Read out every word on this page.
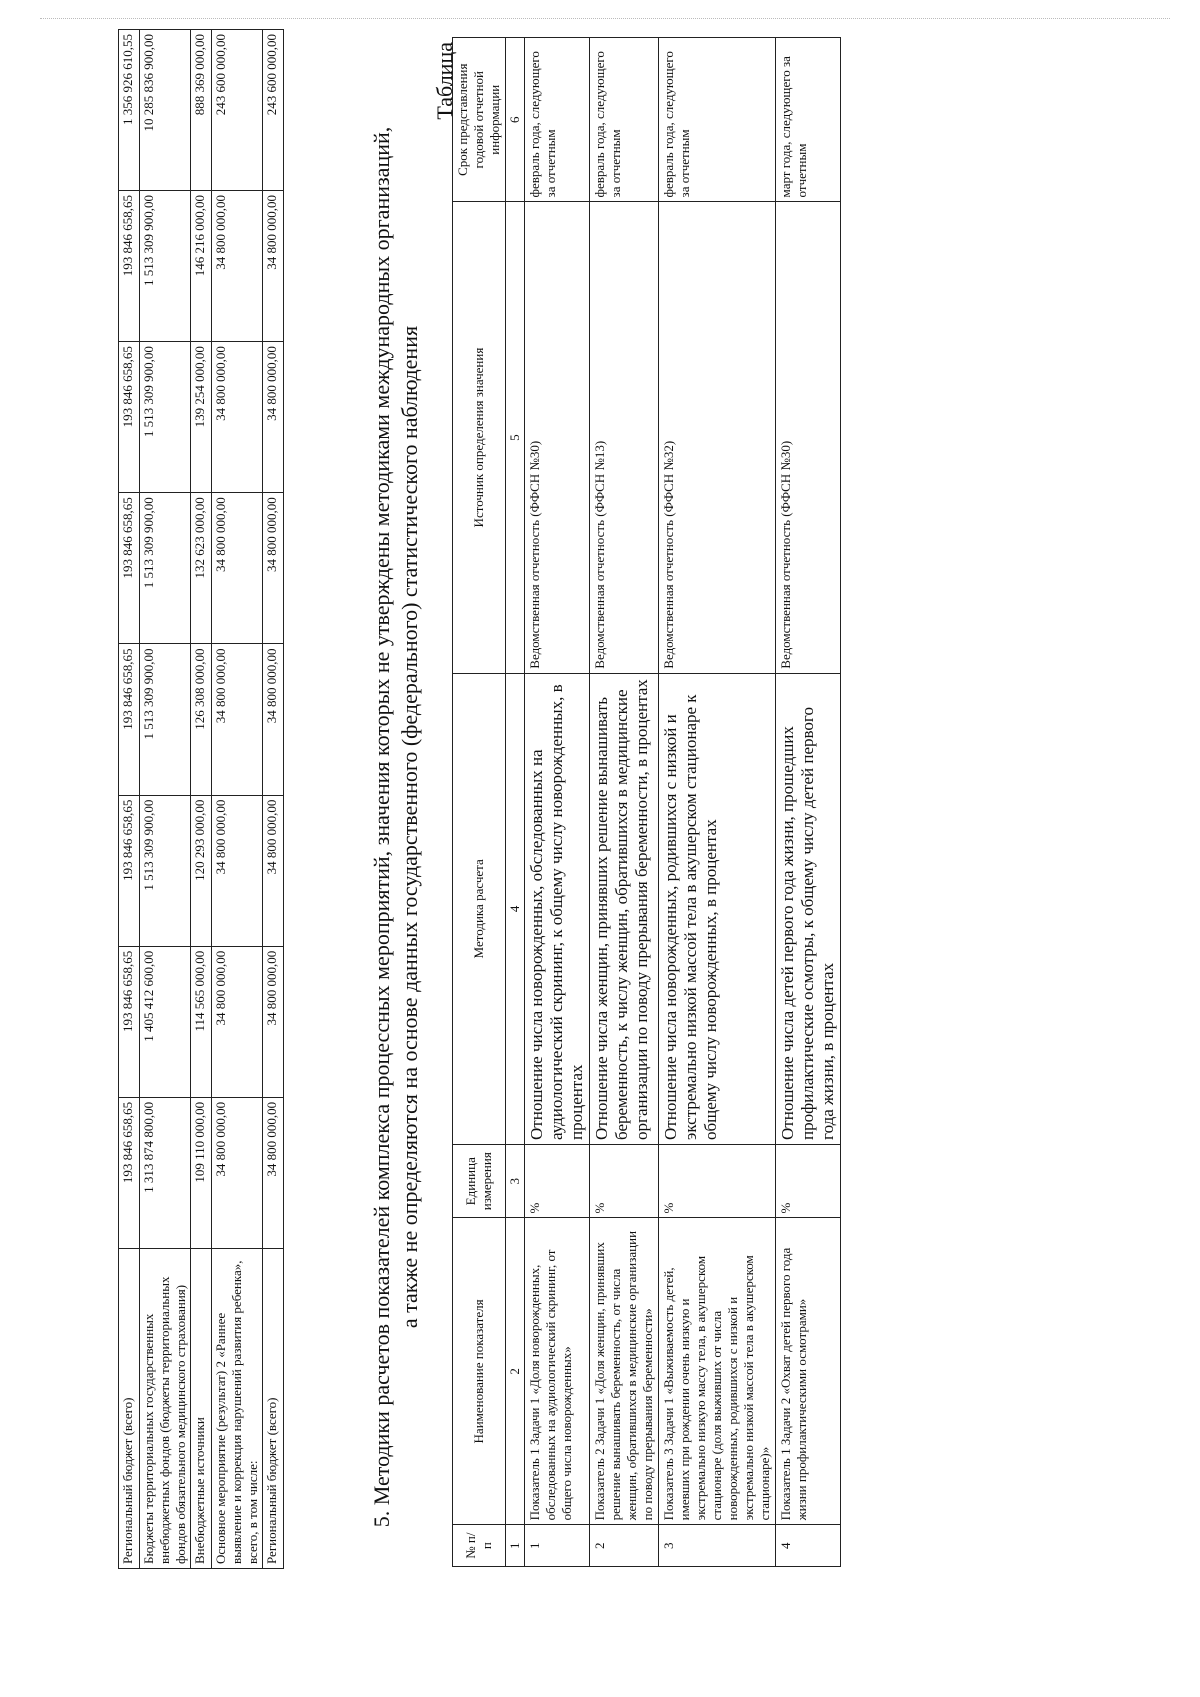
Региональный бюджет (всего)	193 846 658,65	193 846 658,65	193 846 658,65	193 846 658,65	193 846 658,65	193 846 658,65	193 846 658,65	1 356 926 610,55
Бюджеты территориальных государственных внебюджетных фондов (бюджеты территориальных фондов обязательного медицинского страхования)	1 313 874 800,00	1 405 412 600,00	1 513 309 900,00	1 513 309 900,00	1 513 309 900,00	1 513 309 900,00	1 513 309 900,00	10 285 836 900,00
Внебюджетные источники	109 110 000,00	114 565 000,00	120 293 000,00	126 308 000,00	132 623 000,00	139 254 000,00	146 216 000,00	888 369 000,00
Основное мероприятие (результат) 2 «Раннее выявление и коррекция нарушений развития ребенка», всего, в том числе:	34 800 000,00	34 800 000,00	34 800 000,00	34 800 000,00	34 800 000,00	34 800 000,00	34 800 000,00	243 600 000,00
Региональный бюджет (всего)	34 800 000,00	34 800 000,00	34 800 000,00	34 800 000,00	34 800 000,00	34 800 000,00	34 800 000,00	243 600 000,00
5. Методики расчетов показателей комплекса процессных мероприятий, значения которых не утверждены методиками международных организаций, а также не определяются на основе данных государственного (федерального) статистического наблюдения
Таблица
№ п/п	Наименование показателя	Единица измерения	Методика расчета	Источник определения значения	Срок представления годовой отчетной информации
1	2	3	4	5	6
1	Показатель 1 Задачи 1 «Доля новорожденных, обследованных на аудиологический скрининг, от общего числа новорожденных»	%	Отношение числа новорожденных, обследованных на аудиологический скрининг, к общему числу новорожденных, в процентах	Ведомственная отчетность (ФФСН №30)	февраль года, следующего за отчетным
2	Показатель 2 Задачи 1 «Доля женщин, принявших решение вынашивать беременность, от числа женщин, обратившихся в медицинские организации по поводу прерывания беременности»	%	Отношение числа женщин, принявших решение вынашивать беременность, к числу женщин, обратившихся в медицинские организации по поводу прерывания беременности, в процентах	Ведомственная отчетность (ФФСН №13)	февраль года, следующего за отчетным
3	Показатель 3 Задачи 1 «Выживаемость детей, имевших при рождении очень низкую и экстремально низкую массу тела, в акушерском стационаре (доля выживших от числа новорожденных, родившихся с низкой и экстремально низкой массой тела в акушерском стационаре)»	%	Отношение числа новорожденных, родившихся с низкой и экстремально низкой массой тела в акушерском стационаре к общему числу новорожденных, в процентах	Ведомственная отчетность (ФФСН №32)	февраль года, следующего за отчетным
4	Показатель 1 Задачи 2 «Охват детей первого года жизни профилактическими осмотрами»	%	Отношение числа детей первого года жизни, прошедших профилактические осмотры, к общему числу детей первого года жизни, в процентах	Ведомственная отчетность (ФФСН №30)	март года, следующего за отчетным
